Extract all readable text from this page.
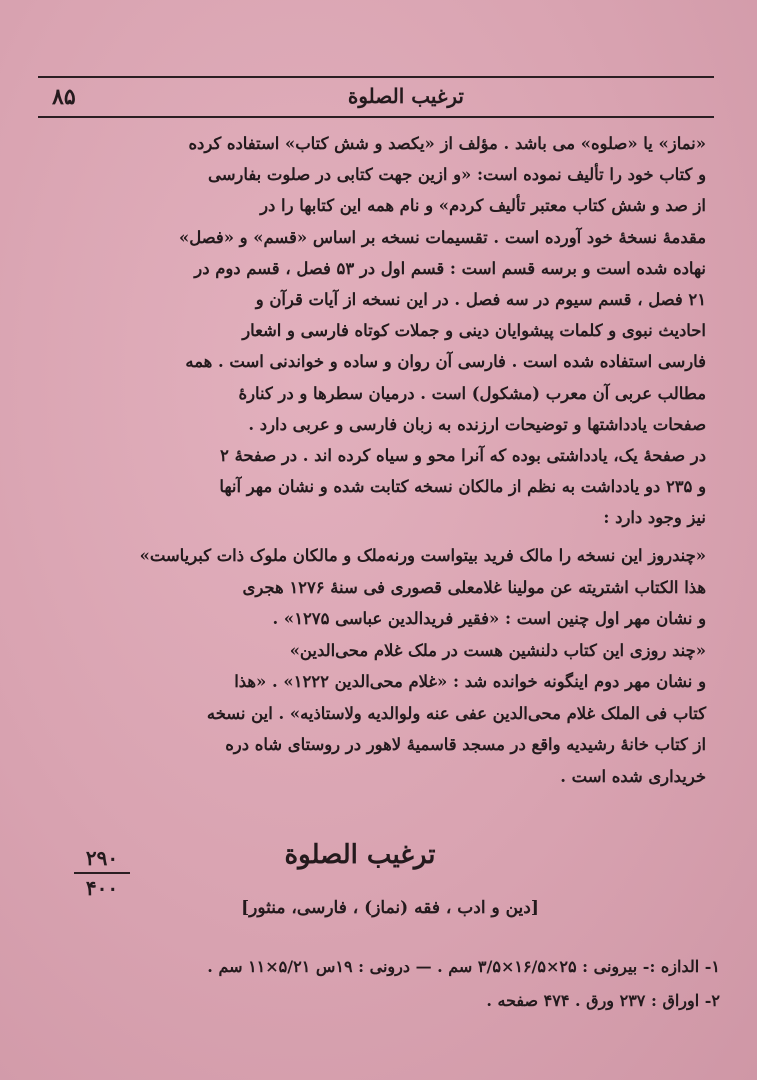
۸۵	ترغیب الصلوة

«نماز» یا «صلوه» می باشد . مؤلف از «یکصد و شش کتاب» استفاده کرده

و کتاب خود را تألیف نموده است: «و ازین جهت کتابی در صلوت بفارسی

از صد و شش کتاب معتبر تألیف کردم» و نام همه این کتابها را در

مقدمهٔ نسخهٔ خود آورده است . تقسیمات نسخه بر اساس «قسم» و «فصل»

نهاده شده است و برسه قسم است : قسم اول در ۵۳ فصل ، قسم دوم در

۲۱ فصل ، قسم سیوم در سه فصل . در این نسخه از آیات قرآن و

احادیث نبوی و کلمات پیشوایان دینی و جملات کوتاه فارسی و اشعار

فارسی استفاده شده است . فارسی آن روان و ساده و خواندنی است . همه

مطالب عربی آن معرب (مشکول) است . درمیان سطرها و در کنارهٔ

صفحات یادداشتها و توضیحات ارزنده به زبان فارسی و عربی دارد .

در صفحهٔ یک، یادداشتی بوده که آنرا محو و سیاه کرده اند . در صفحهٔ ۲

و ۲۳۵ دو یادداشت به نظم از مالکان نسخه کتابت شده و نشان مهر آنها

نیز وجود دارد :

«چندروز این نسخه را مالک فرید بیتواست ورنه‌ملک و مالکان ملوک ذات کبریاست»

هذا الکتاب اشتریته عن مولینا غلامعلی قصوری فی سنهٔ ۱۲۷۶ هجری

و نشان مهر اول چنین است : «فقیر فریدالدین عباسی ۱۲۷۵» .

«چند روزی این کتاب دلنشین هست در ملک غلام محی‌الدین»

و نشان مهر دوم اینگونه خوانده شد : «غلام محی‌الدین ۱۲۲۲» . «هذا

کتاب فی الملک غلام محی‌الدین عفی عنه ولوالدیه ولاستاذیه» . این نسخه

از کتاب خانهٔ رشیدیه واقع در مسجد قاسمیهٔ لاهور در روستای شاه دره

خریداری شده است .

۲۹۰
۴۰۰
ترغیب الصلوة
[دین و ادب ، فقه (نماز) ، فارسی، منثور]
۱- الدازه :- بیرونی : ۲۵×۱۶/۵×۳/۵ سم . — درونی : ۱۹س ۵/۲۱×۱۱ سم .
۲- اوراق : ۲۳۷ ورق . ۴۷۴ صفحه .
